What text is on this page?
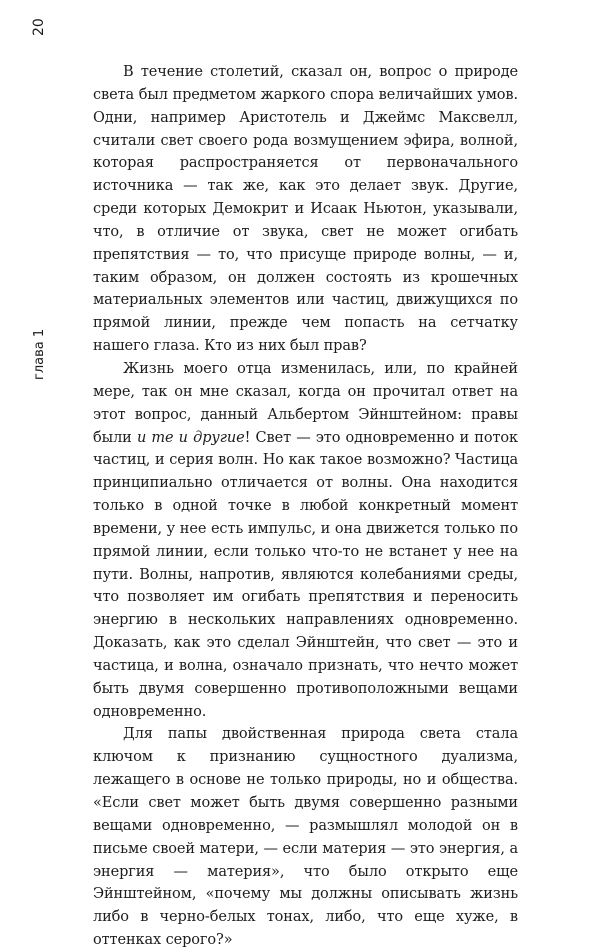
20
глава 1

В течение столетий, сказал он, вопрос о природе света был предметом жаркого спора величайших умов. Одни, например Аристотель и Джеймс Максвелл, считали свет своего рода возмущением эфира, волной, которая распространяется от первоначального источника — так же, как это делает звук. Другие, среди которых Демокрит и Исаак Ньютон, указывали, что, в отличие от звука, свет не может огибать препятствия — то, что присуще природе волны, — и, таким образом, он должен состоять из крошечных материальных элементов или частиц, движущихся по прямой линии, прежде чем попасть на сетчатку нашего глаза. Кто из них был прав?

Жизнь моего отца изменилась, или, по крайней мере, так он мне сказал, когда он прочитал ответ на этот вопрос, данный Альбертом Эйнштейном: правы были и те и другие! Свет — это одновременно и поток частиц, и серия волн. Но как такое возможно? Частица принципиально отличается от волны. Она находится только в одной точке в любой конкретный момент времени, у нее есть импульс, и она движется только по прямой линии, если только что-то не встанет у нее на пути. Волны, напротив, являются колебаниями среды, что позволяет им огибать препятствия и переносить энергию в нескольких направлениях одновременно. Доказать, как это сделал Эйнштейн, что свет — это и частица, и волна, означало признать, что нечто может быть двумя совершенно противоположными вещами одновременно.

Для папы двойственная природа света стала ключом к признанию сущностного дуализма, лежащего в основе не только природы, но и общества. «Если свет может быть двумя совершенно разными вещами одновременно, — размышлял молодой он в письме своей матери, — если материя — это энергия, а энергия — материя», что было открыто еще Эйнштейном, «почему мы должны описывать жизнь либо в черно-белых тонах, либо, что еще хуже, в оттенках серого?»
